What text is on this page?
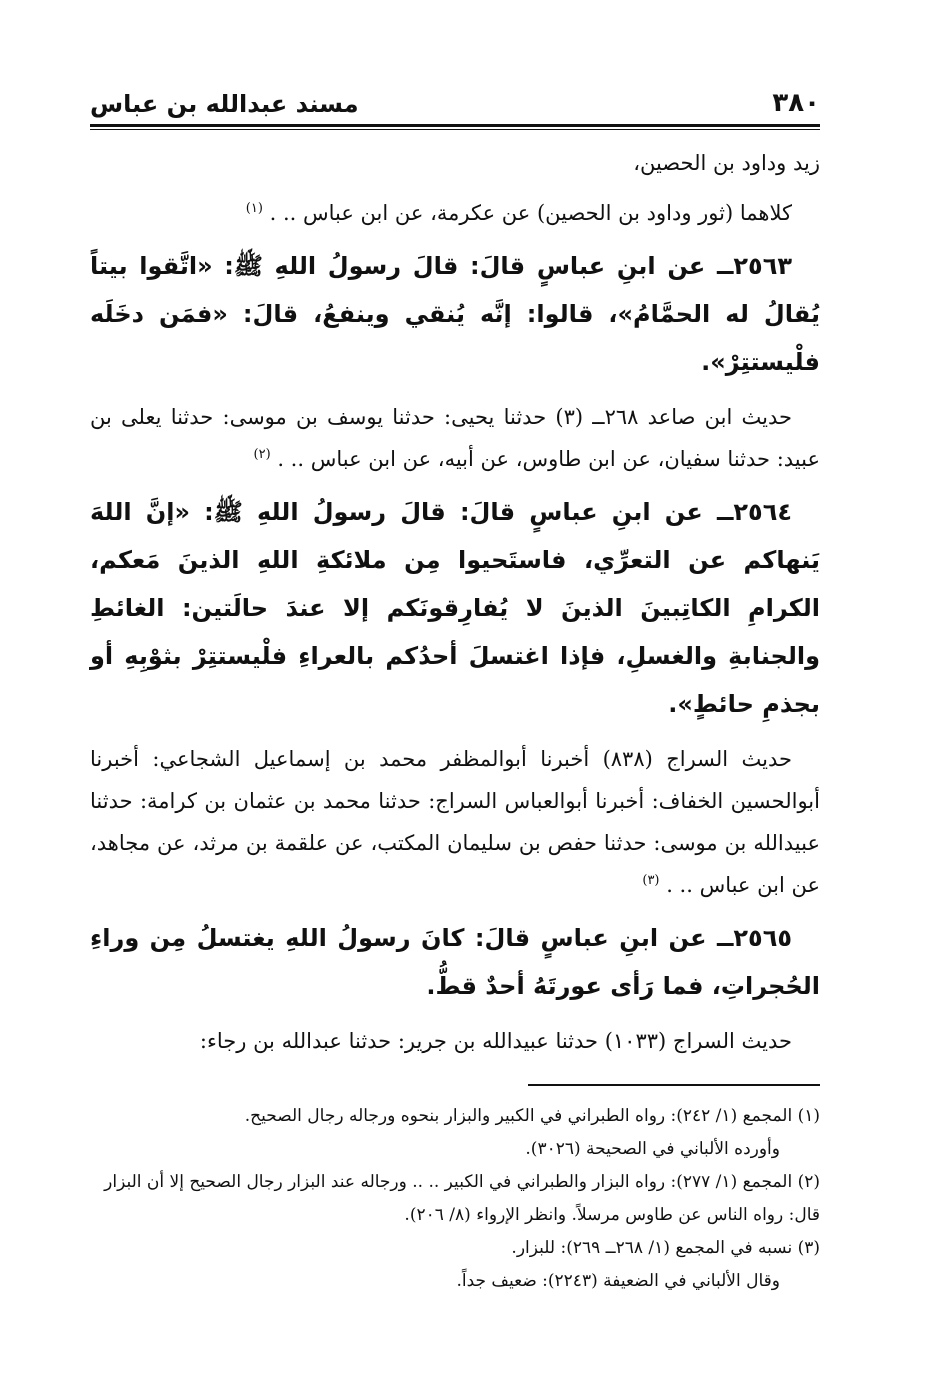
٣٨٠
مسند عبدالله بن عباس

زيد وداود بن الحصين،

كلاهما (ثور وداود بن الحصين) عن عكرمة، عن ابن عباس .. . $^{(١)}$

٢٥٦٣ــ عن ابنِ عباسٍ قالَ: قالَ رسولُ اللهِ ﷺ: «اتَّقوا بيتاً يُقالُ له الحمَّامُ»، قالوا: إنَّه يُنقي وينفعُ، قالَ: «فمَن دخَلَه فلْيستتِرْ».

حديث ابن صاعد ٢٦٨ــ (٣) حدثنا يحيى: حدثنا يوسف بن موسى: حدثنا يعلى بن عبيد: حدثنا سفيان، عن ابن طاوس، عن أبيه، عن ابن عباس .. . $^{(٢)}$

٢٥٦٤ــ عن ابنِ عباسٍ قالَ: قالَ رسولُ اللهِ ﷺ: «إنَّ اللهَ يَنهاكم عن التعرِّي، فاستَحيوا مِن ملائكةِ اللهِ الذينَ مَعكم، الكرامِ الكاتِبينَ الذينَ لا يُفارِقونَكم إلا عندَ حالَتين: الغائطِ والجنابةِ والغسلِ، فإذا اغتسلَ أحدُكم بالعراءِ فلْيستتِرْ بثوْبِهِ أو بجذمِ حائطٍ».

حديث السراج (٨٣٨) أخبرنا أبوالمظفر محمد بن إسماعيل الشجاعي: أخبرنا أبوالحسين الخفاف: أخبرنا أبوالعباس السراج: حدثنا محمد بن عثمان بن كرامة: حدثنا عبيدالله بن موسى: حدثنا حفص بن سليمان المكتب، عن علقمة بن مرثد، عن مجاهد، عن ابن عباس .. . $^{(٣)}$

٢٥٦٥ــ عن ابنِ عباسٍ قالَ: كانَ رسولُ اللهِ يغتسلُ مِن وراءِ الحُجراتِ، فما رَأى عورتَهُ أحدٌ قطُّ.

حديث السراج (١٠٣٣) حدثنا عبيدالله بن جرير: حدثنا عبدالله بن رجاء:

(١) المجمع (١/ ٢٤٢): رواه الطبراني في الكبير والبزار بنحوه ورجاله رجال الصحيح.

وأورده الألباني في الصحيحة (٣٠٢٦).

(٢) المجمع (١/ ٢٧٧): رواه البزار والطبراني في الكبير .. .. ورجاله عند البزار رجال الصحيح إلا أن البزار قال: رواه الناس عن طاوس مرسلاً. وانظر الإرواء (٨/ ٢٠٦).

(٣) نسبه في المجمع (١/ ٢٦٨ــ ٢٦٩): للبزار.

وقال الألباني في الضعيفة (٢٢٤٣): ضعيف جداً.
